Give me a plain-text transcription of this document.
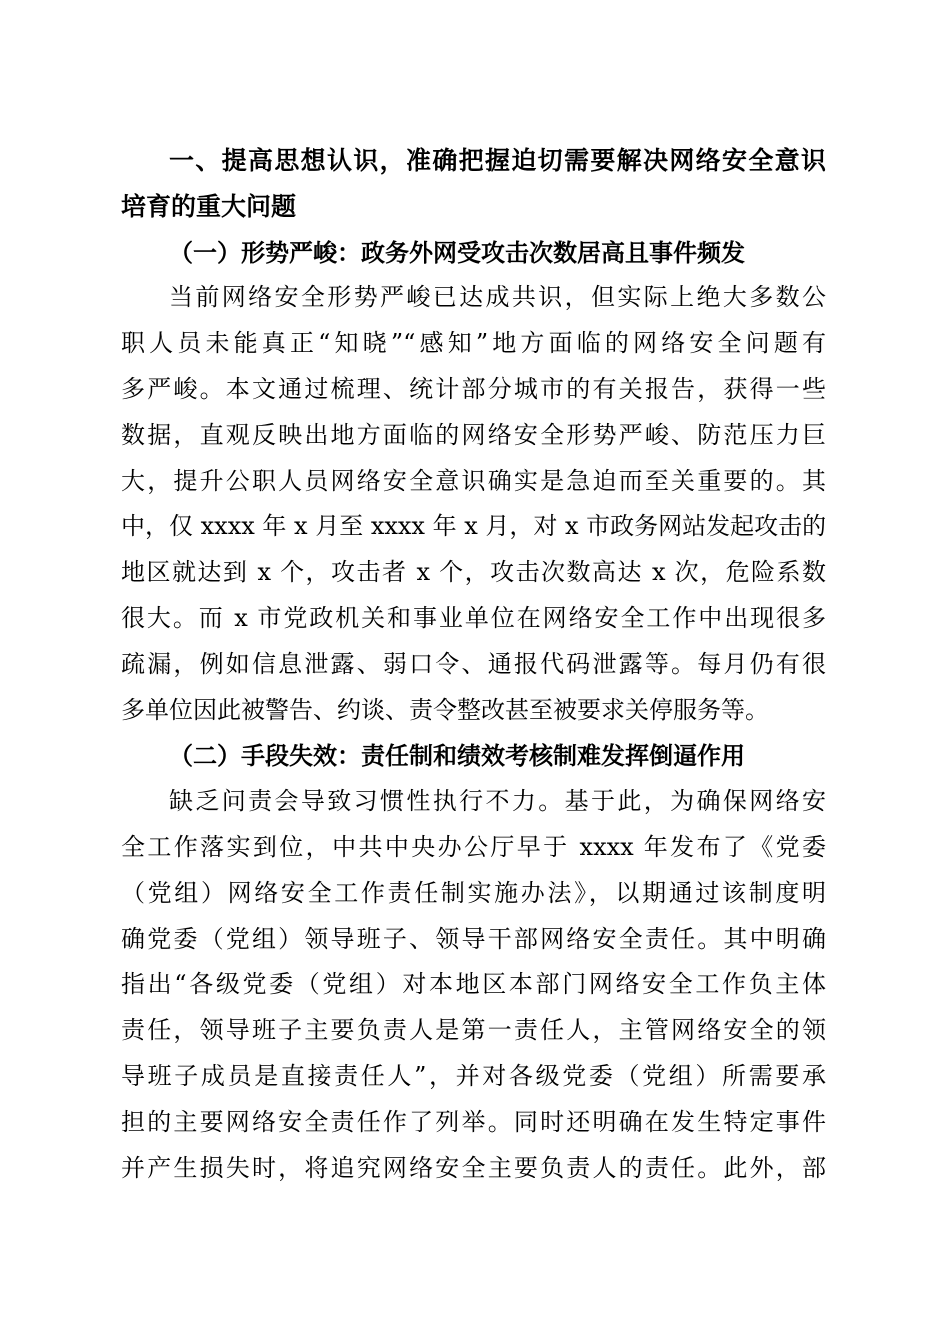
一、提高思想认识，准确把握迫切需要解决网络安全意识
培育的重大问题
（一）形势严峻：政务外网受攻击次数居高且事件频发
当前网络安全形势严峻已达成共识，但实际上绝大多数公
职人员未能真正“知晓”“感知”地方面临的网络安全问题有
多严峻。本文通过梳理、统计部分城市的有关报告，获得一些
数据，直观反映出地方面临的网络安全形势严峻、防范压力巨
大，提升公职人员网络安全意识确实是急迫而至关重要的。其
中，仅 xxxx 年 x 月至 xxxx 年 x 月，对 x 市政务网站发起攻击的
地区就达到 x 个，攻击者 x 个，攻击次数高达 x 次，危险系数
很大。而 x 市党政机关和事业单位在网络安全工作中出现很多
疏漏，例如信息泄露、弱口令、通报代码泄露等。每月仍有很
多单位因此被警告、约谈、责令整改甚至被要求关停服务等。
（二）手段失效：责任制和绩效考核制难发挥倒逼作用
缺乏问责会导致习惯性执行不力。基于此，为确保网络安
全工作落实到位，中共中央办公厅早于 xxxx 年发布了《党委
（党组）网络安全工作责任制实施办法》，以期通过该制度明
确党委（党组）领导班子、领导干部网络安全责任。其中明确
指出“各级党委（党组）对本地区本部门网络安全工作负主体
责任，领导班子主要负责人是第一责任人，主管网络安全的领
导班子成员是直接责任人”，并对各级党委（党组）所需要承
担的主要网络安全责任作了列举。同时还明确在发生特定事件
并产生损失时，将追究网络安全主要负责人的责任。此外，部
